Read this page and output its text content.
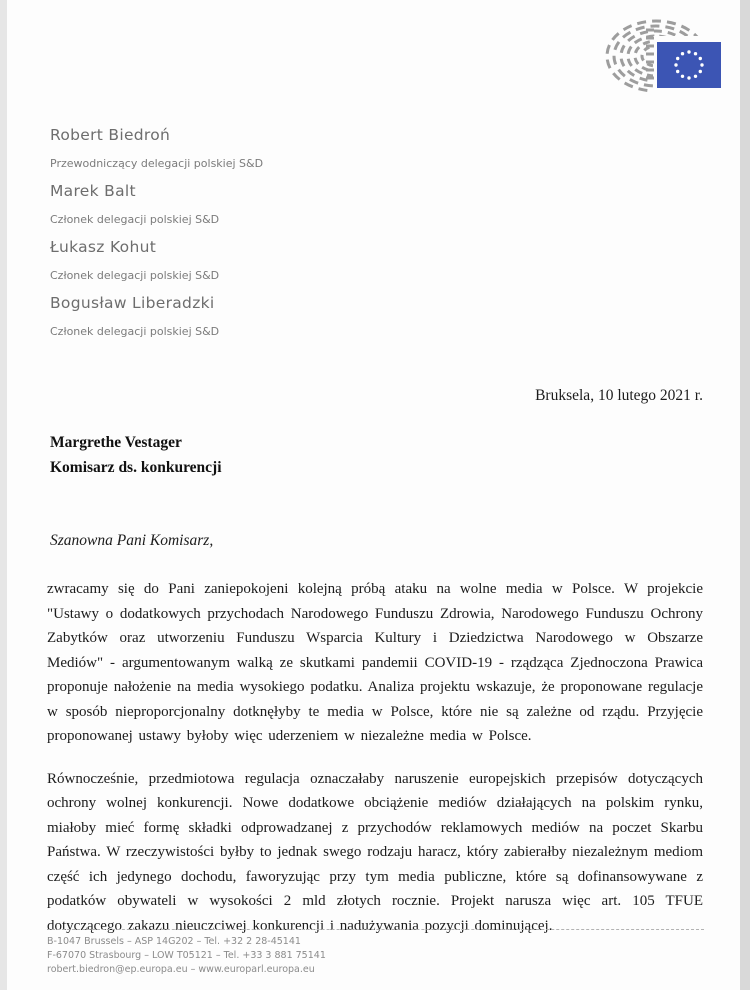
Robert Biedroń
Przewodniczący delegacji polskiej S&D
Marek Balt
Członek delegacji polskiej S&D
Łukasz Kohut
Członek delegacji polskiej S&D
Bogusław Liberadzki
Członek delegacji polskiej S&D
Bruksela, 10 lutego 2021 r.
Margrethe Vestager
Komisarz ds. konkurencji
Szanowna Pani Komisarz,

zwracamy się do Pani zaniepokojeni kolejną próbą ataku na wolne media w Polsce. W projekcie "Ustawy o dodatkowych przychodach Narodowego Funduszu Zdrowia, Narodowego Funduszu Ochrony Zabytków oraz utworzeniu Funduszu Wsparcia Kultury i Dziedzictwa Narodowego w Obszarze Mediów" - argumentowanym walką ze skutkami pandemii COVID-19 - rządząca Zjednoczona Prawica proponuje nałożenie na media wysokiego podatku. Analiza projektu wskazuje, że proponowane regulacje w sposób nieproporcjonalny dotknęłyby te media w Polsce, które nie są zależne od rządu. Przyjęcie proponowanej ustawy byłoby więc uderzeniem w niezależne media w Polsce.

Równocześnie, przedmiotowa regulacja oznaczałaby naruszenie europejskich przepisów dotyczących ochrony wolnej konkurencji. Nowe dodatkowe obciążenie mediów działających na polskim rynku, miałoby mieć formę składki odprowadzanej z przychodów reklamowych mediów na poczet Skarbu Państwa. W rzeczywistości byłby to jednak swego rodzaju haracz, który zabierałby niezależnym mediom część ich jedynego dochodu, faworyzując przy tym media publiczne, które są dofinansowywane z podatków obywateli w wysokości 2 mld złotych rocznie. Projekt narusza więc art. 105 TFUE dotyczącego zakazu nieuczciwej konkurencji i nadużywania pozycji dominującej.

B-1047 Brussels – ASP 14G202 – Tel. +32 2 28-45141
F-67070 Strasbourg – LOW T05121 – Tel. +33 3 881 75141
robert.biedron@ep.europa.eu – www.europarl.europa.eu
